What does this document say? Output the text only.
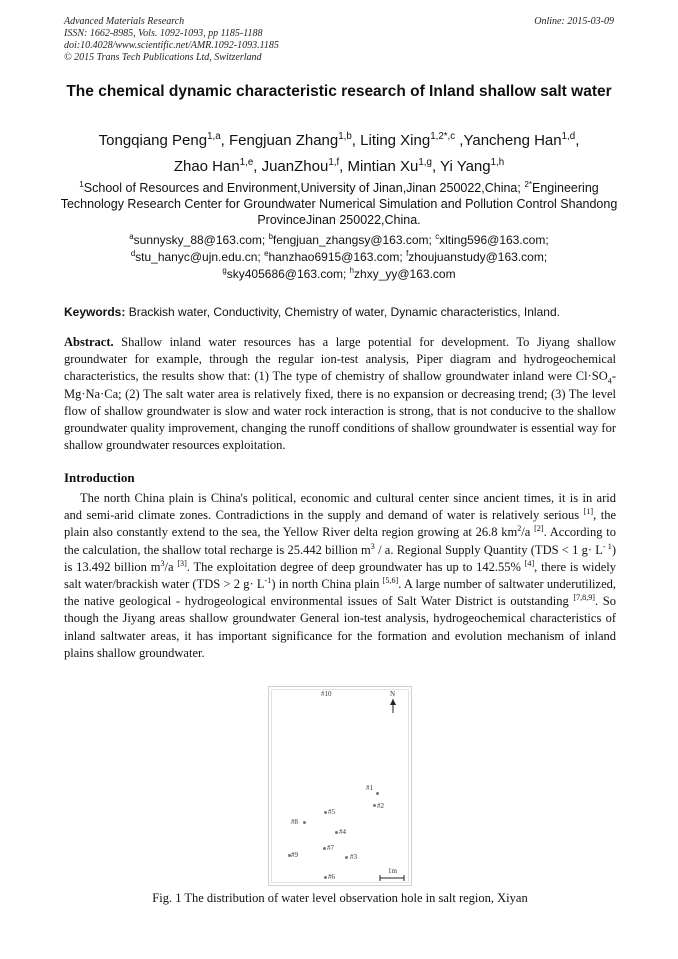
Advanced Materials Research
ISSN: 1662-8985, Vols. 1092-1093, pp 1185-1188
doi:10.4028/www.scientific.net/AMR.1092-1093.1185
© 2015 Trans Tech Publications Ltd, Switzerland
Online: 2015-03-09
The chemical dynamic characteristic research of Inland shallow salt water
Tongqiang Peng$^{1,a}$, Fengjuan Zhang$^{1,b}$, Liting Xing$^{1,2*,c}$ ,Yancheng Han$^{1,d}$,
Zhao Han$^{1,e}$, JuanZhou$^{1,f}$, Mintian Xu$^{1,g}$, Yi Yang$^{1,h}$
$^1$School of Resources and Environment,University of Jinan,Jinan 250022,China; $^{2*}$Engineering Technology Research Center for Groundwater Numerical Simulation and Pollution Control Shandong ProvinceJinan 250022,China.
$^a$sunnysky_88@163.com; $^b$fengjuan_zhangsy@163.com; $^c$xlting596@163.com;
$^d$stu_hanyc@ujn.edu.cn; $^e$hanzhao6915@163.com; $^f$zhoujuanstudy@163.com;
$^g$sky405686@163.com; $^h$zhxy_yy@163.com
Keywords: Brackish water, Conductivity, Chemistry of water, Dynamic characteristics, Inland.
Abstract. Shallow inland water resources has a large potential for development. To Jiyang shallow groundwater for example, through the regular ion-test analysis, Piper diagram and hydrogeochemical characteristics, the results show that: (1) The type of chemistry of shallow groundwater inland were $Cl\cdot SO_4-Mg\cdot Na\cdot Ca$; (2) The salt water area is relatively fixed, there is no expansion or decreasing trend; (3) The level flow of shallow groundwater is slow and water rock interaction is strong, that is not conducive to the shallow groundwater quality improvement, changing the runoff conditions of shallow groundwater is essential way for shallow groundwater resources exploitation.
Introduction
The north China plain is China's political, economic and cultural center since ancient times, it is in arid and semi-arid climate zones. Contradictions in the supply and demand of water is relatively serious [1], the plain also constantly extend to the sea, the Yellow River delta region growing at 26.8 $km^2/a$ [2]. According to the calculation, the shallow total recharge is 25.442 billion $m^3$ / a. Regional Supply Quantity (TDS < 1 $g\cdot L^{- 1}$) is 13.492 billion $m^3/a$ [3]. The exploitation degree of deep groundwater has up to 142.55% [4], there is widely salt water/brackish water (TDS > 2 $g\cdot L^{-1}$) in north China plain [5,6]. A large number of saltwater underutilized, the native geological - hydrogeological environmental issues of Salt Water District is outstanding [7,8,9]. So though the Jiyang areas shallow groundwater General ion-test analysis, hydrogeochemical characteristics of inland saltwater areas, it has important significance for the formation and evolution mechanism of inland plains shallow groundwater.
#10	N
#1
#2
#5
#8
#4
#7
#9	#3
1m
#6
Fig. 1 The distribution of water level observation hole in salt region, Xiyan
